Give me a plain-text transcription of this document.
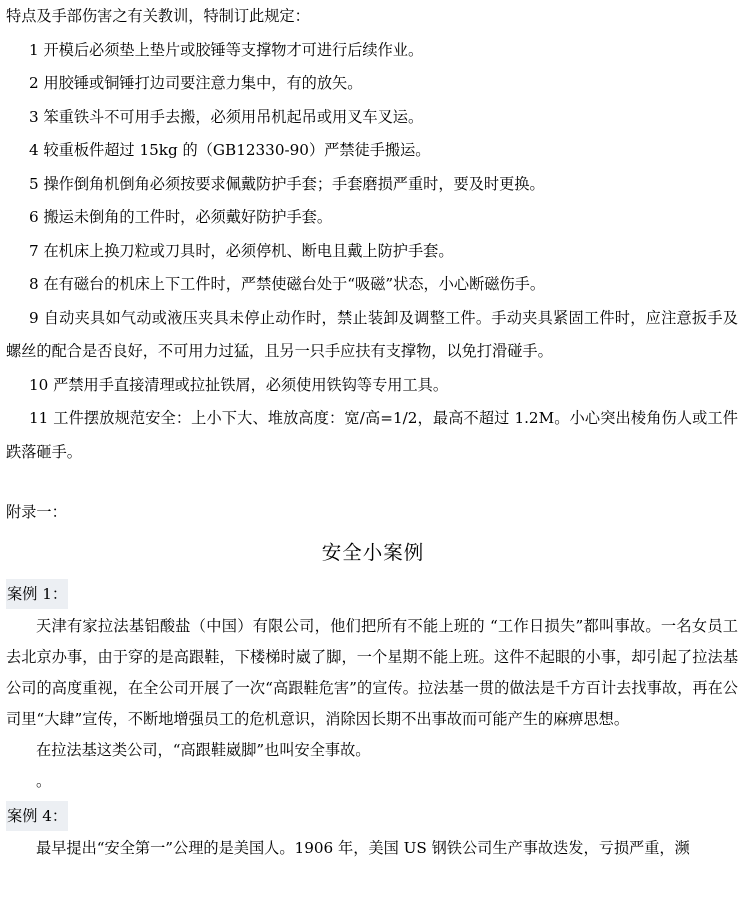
特点及手部伤害之有关教训，特制订此规定：
1 开模后必须垫上垫片或胶锤等支撑物才可进行后续作业。
2 用胶锤或铜锤打边司要注意力集中，有的放矢。
3 笨重铁斗不可用手去搬，必须用吊机起吊或用叉车叉运。
4 较重板件超过 15kg 的（GB12330-90）严禁徒手搬运。
5 操作倒角机倒角必须按要求佩戴防护手套；手套磨损严重时，要及时更换。
6 搬运未倒角的工件时，必须戴好防护手套。
7 在机床上换刀粒或刀具时，必须停机、断电且戴上防护手套。
8 在有磁台的机床上下工件时，严禁使磁台处于“吸磁”状态，小心断磁伤手。
9 自动夹具如气动或液压夹具未停止动作时，禁止装卸及调整工件。手动夹具紧固工件时，应注意扳手及螺丝的配合是否良好，不可用力过猛，且另一只手应扶有支撑物，以免打滑碰手。
10 严禁用手直接清理或拉扯铁屑，必须使用铁钩等专用工具。
11 工件摆放规范安全：上小下大、堆放高度：宽/高=1/2，最高不超过 1.2M。小心突出棱角伤人或工件跌落砸手。
附录一：
安全小案例
案例 1：
天津有家拉法基铝酸盐（中国）有限公司，他们把所有不能上班的 “工作日损失”都叫事故。一名女员工去北京办事，由于穿的是高跟鞋，下楼梯时崴了脚，一个星期不能上班。这件不起眼的小事，却引起了拉法基公司的高度重视，在全公司开展了一次“高跟鞋危害”的宣传。拉法基一贯的做法是千方百计去找事故，再在公司里“大肆”宣传，不断地增强员工的危机意识，消除因长期不出事故而可能产生的麻痹思想。
在拉法基这类公司，“高跟鞋崴脚”也叫安全事故。
。
案例 4：
最早提出“安全第一”公理的是美国人。1906 年，美国 US 钢铁公司生产事故迭发，亏损严重，濒
